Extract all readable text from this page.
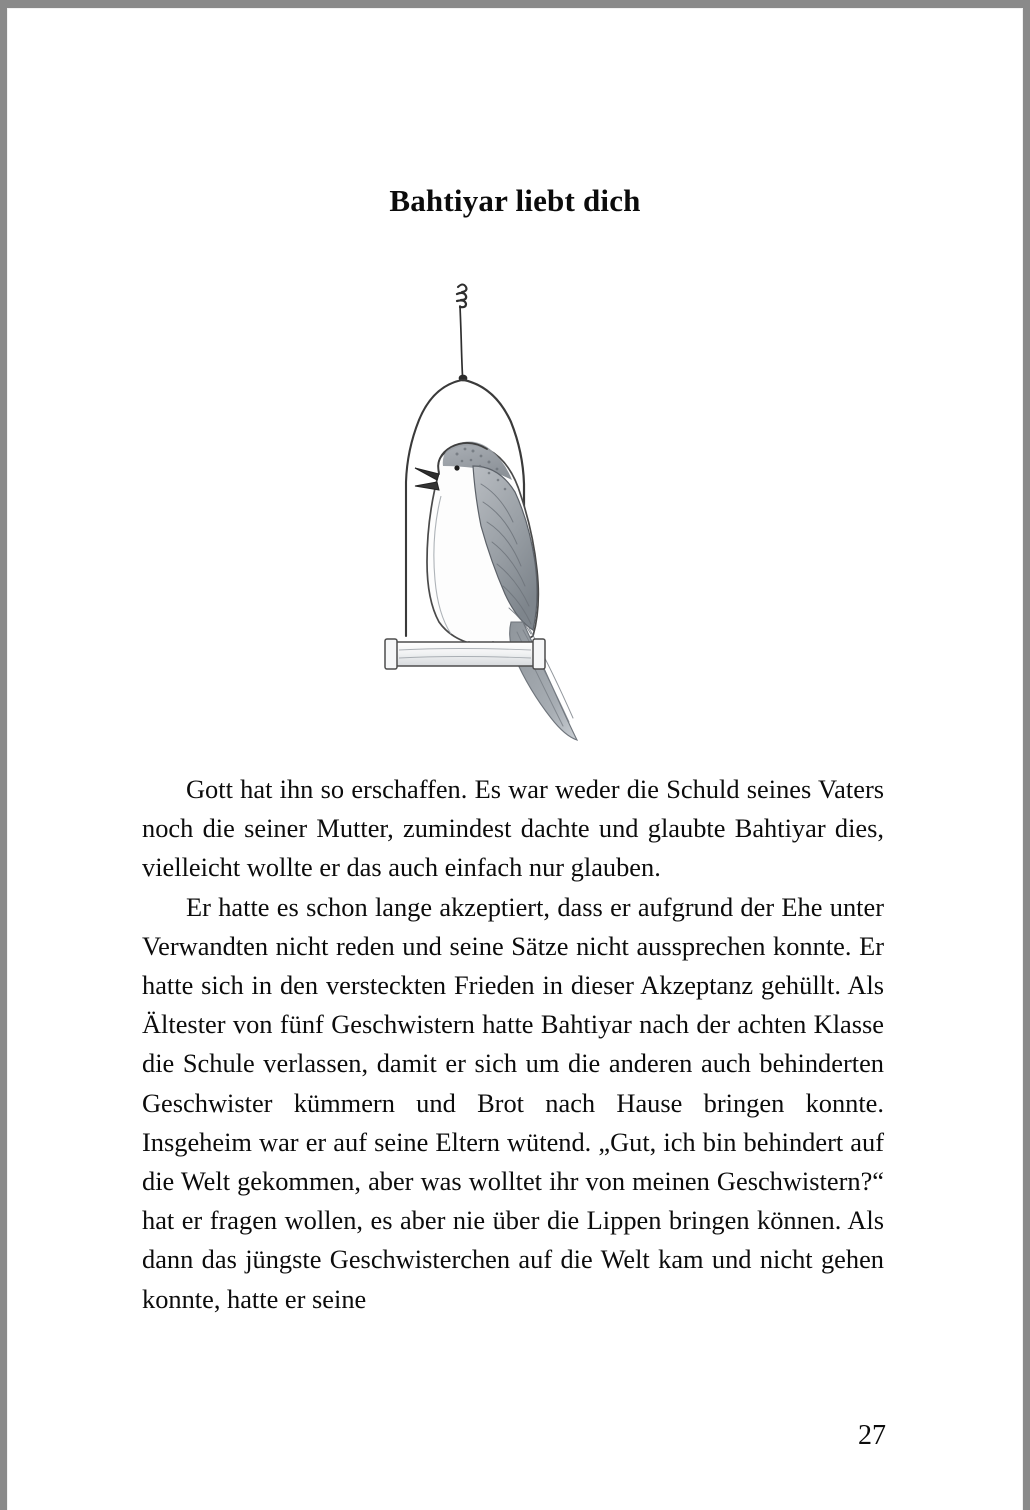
Bahtiyar liebt dich

Gott hat ihn so erschaffen. Es war weder die Schuld seines Vaters noch die seiner Mutter, zumindest dachte und glaubte Bahtiyar dies, vielleicht wollte er das auch einfach nur glauben.

Er hatte es schon lange akzeptiert, dass er aufgrund der Ehe unter Verwandten nicht reden und seine Sätze nicht aussprechen konnte. Er hatte sich in den versteckten Frieden in dieser Akzeptanz gehüllt. Als Ältester von fünf Geschwistern hatte Bahtiyar nach der achten Klasse die Schule verlassen, damit er sich um die anderen auch behinderten Geschwister kümmern und Brot nach Hause bringen konnte. Insgeheim war er auf seine Eltern wütend. „Gut, ich bin behindert auf die Welt gekommen, aber was wolltet ihr von meinen Geschwistern?“ hat er fragen wollen, es aber nie über die Lippen bringen können. Als dann das jüngste Geschwisterchen auf die Welt kam und nicht gehen konnte, hatte er seine

27
